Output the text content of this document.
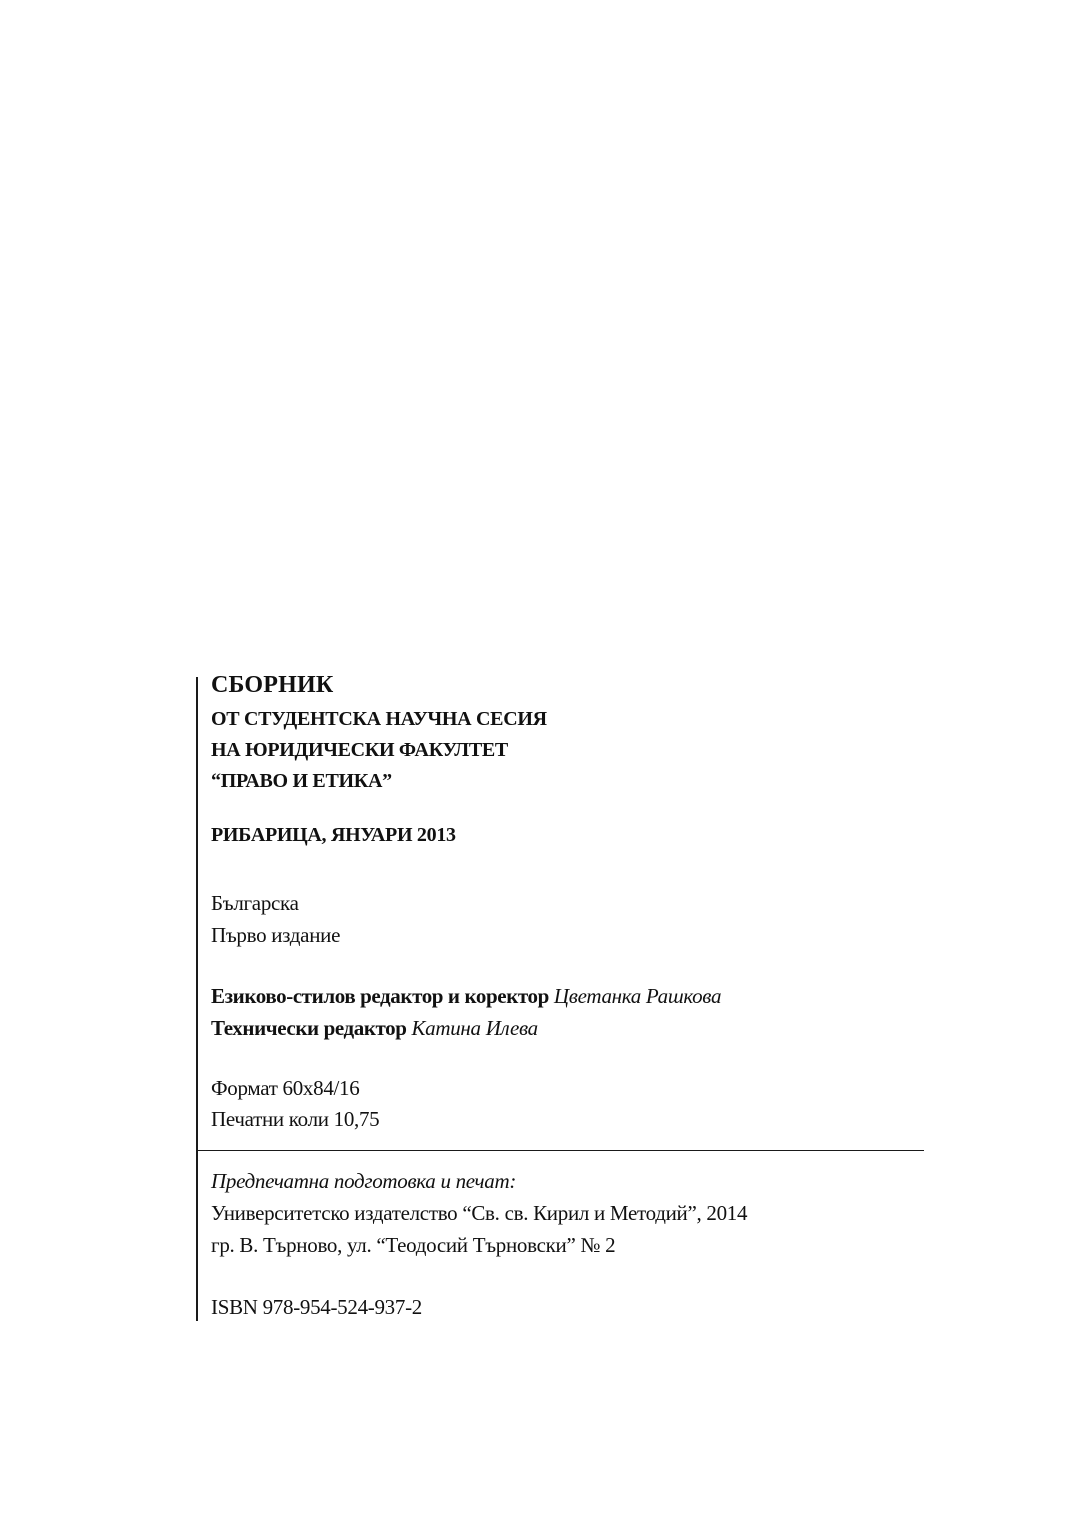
СБОРНИК
ОТ СТУДЕНТСКА НАУЧНА СЕСИЯ
НА ЮРИДИЧЕСКИ ФАКУЛТЕТ
“ПРАВО И ЕТИКА”
РИБАРИЦА, ЯНУАРИ 2013
Българска
Първо издание
Езиково-стилов редактор и коректор Цветанка Рашкова
Технически редактор Катина Илева
Формат 60x84/16
Печатни коли 10,75
Предпечатна подготовка и печат:
Университетско издателство “Св. св. Кирил и Методий”, 2014
гр. В. Търново, ул. “Теодосий Търновски” № 2
ISBN 978-954-524-937-2
